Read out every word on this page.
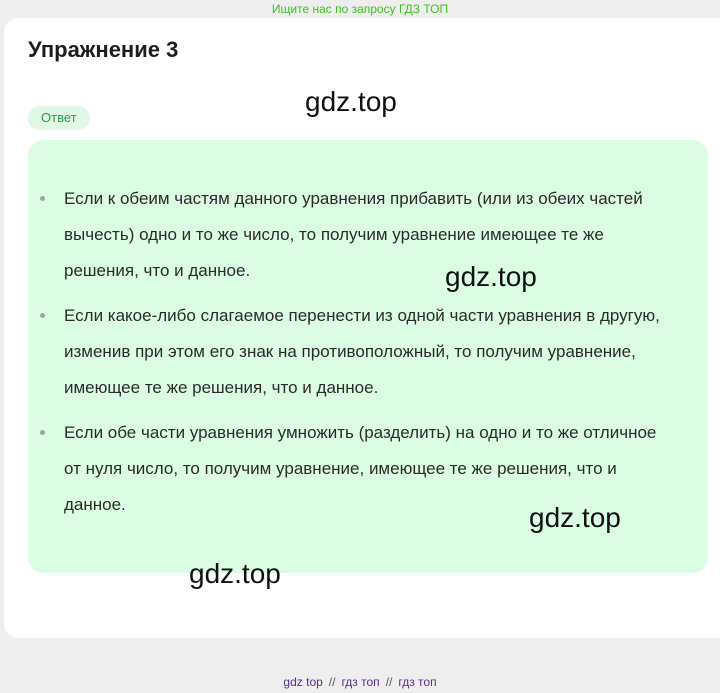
Ищите нас по запросу ГДЗ ТОП
Упражнение 3
Ответ
Если к обеим частям данного уравнения прибавить (или из обеих частей вычесть) одно и то же число, то получим уравнение имеющее те же решения, что и данное.
Если какое-либо слагаемое перенести из одной части уравнения в другую, изменив при этом его знак на противоположный, то получим уравнение, имеющее те же решения, что и данное.
Если обе части уравнения умножить (разделить) на одно и то же отличное от нуля число, то получим уравнение, имеющее те же решения, что и данное.
gdz.top
gdz.top
gdz.top
gdz.top
gdz top // гдз топ // гдз топ
